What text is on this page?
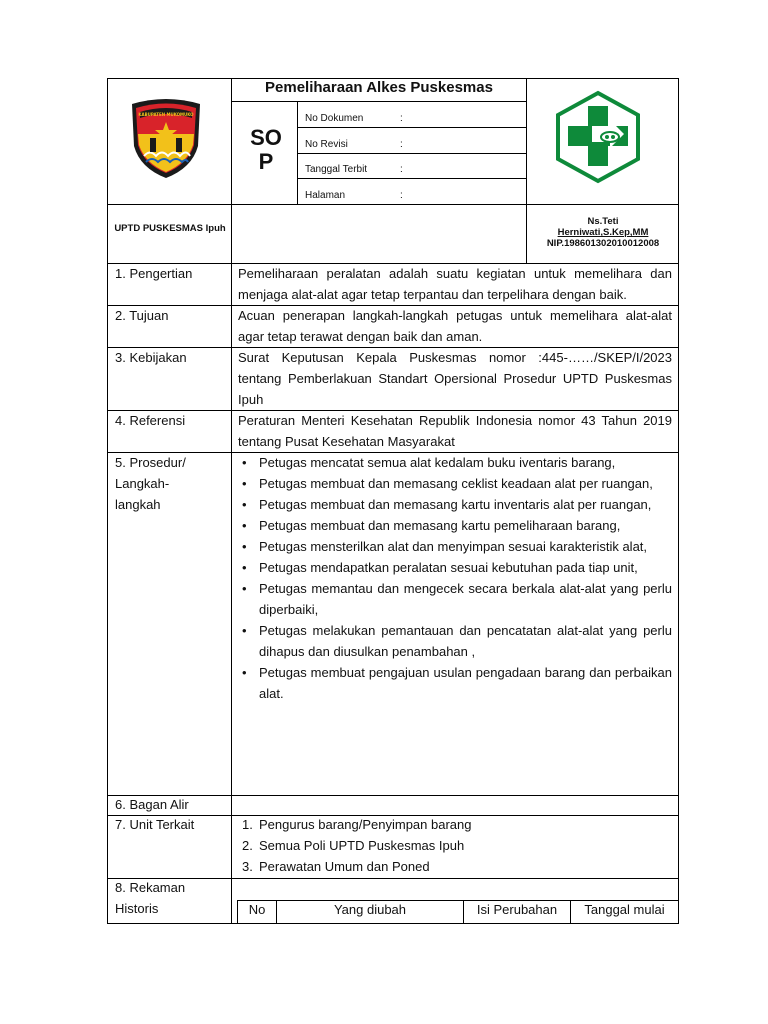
KABUPATEN MUKOMUKO
Pemeliharaan Alkes Puskesmas
SO
P
No Dokumen	:
No Revisi	:
Tanggal Terbit	:
Halaman	:
UPTD PUSKESMAS Ipuh
Ns.Teti
Herniwati,S.Kep,MM
NIP.198601302010012008
1. Pengertian	Pemeliharaan peralatan adalah suatu kegiatan untuk memelihara dan menjaga alat-alat agar tetap terpantau dan terpelihara dengan baik.
2. Tujuan	Acuan penerapan langkah-langkah petugas untuk memelihara alat-alat agar tetap terawat dengan baik dan aman.
3. Kebijakan	Surat Keputusan Kepala Puskesmas nomor :445-……/SKEP/I/2023 tentang Pemberlakuan Standart Opersional Prosedur UPTD Puskesmas Ipuh
4. Referensi	Peraturan Menteri Kesehatan Republik Indonesia nomor 43 Tahun 2019 tentang Pusat Kesehatan Masyarakat
5. Prosedur/
Langkah-
langkah
• Petugas mencatat semua alat kedalam buku iventaris barang,
• Petugas membuat dan memasang ceklist keadaan alat per ruangan,
• Petugas membuat dan memasang kartu inventaris alat per ruangan,
• Petugas membuat dan memasang kartu pemeliharaan barang,
• Petugas mensterilkan alat dan menyimpan sesuai karakteristik alat,
• Petugas mendapatkan peralatan sesuai kebutuhan pada tiap unit,
• Petugas memantau dan mengecek secara berkala alat-alat yang perlu diperbaiki,
• Petugas melakukan pemantauan dan pencatatan alat-alat yang perlu dihapus dan diusulkan penambahan ,
• Petugas membuat pengajuan usulan pengadaan barang dan perbaikan alat.
6. Bagan Alir
7. Unit Terkait	1. Pengurus barang/Penyimpan barang
2. Semua Poli UPTD Puskesmas Ipuh
3. Perawatan Umum dan Poned
8. Rekaman
Historis	No	Yang diubah	Isi Perubahan	Tanggal mulai
